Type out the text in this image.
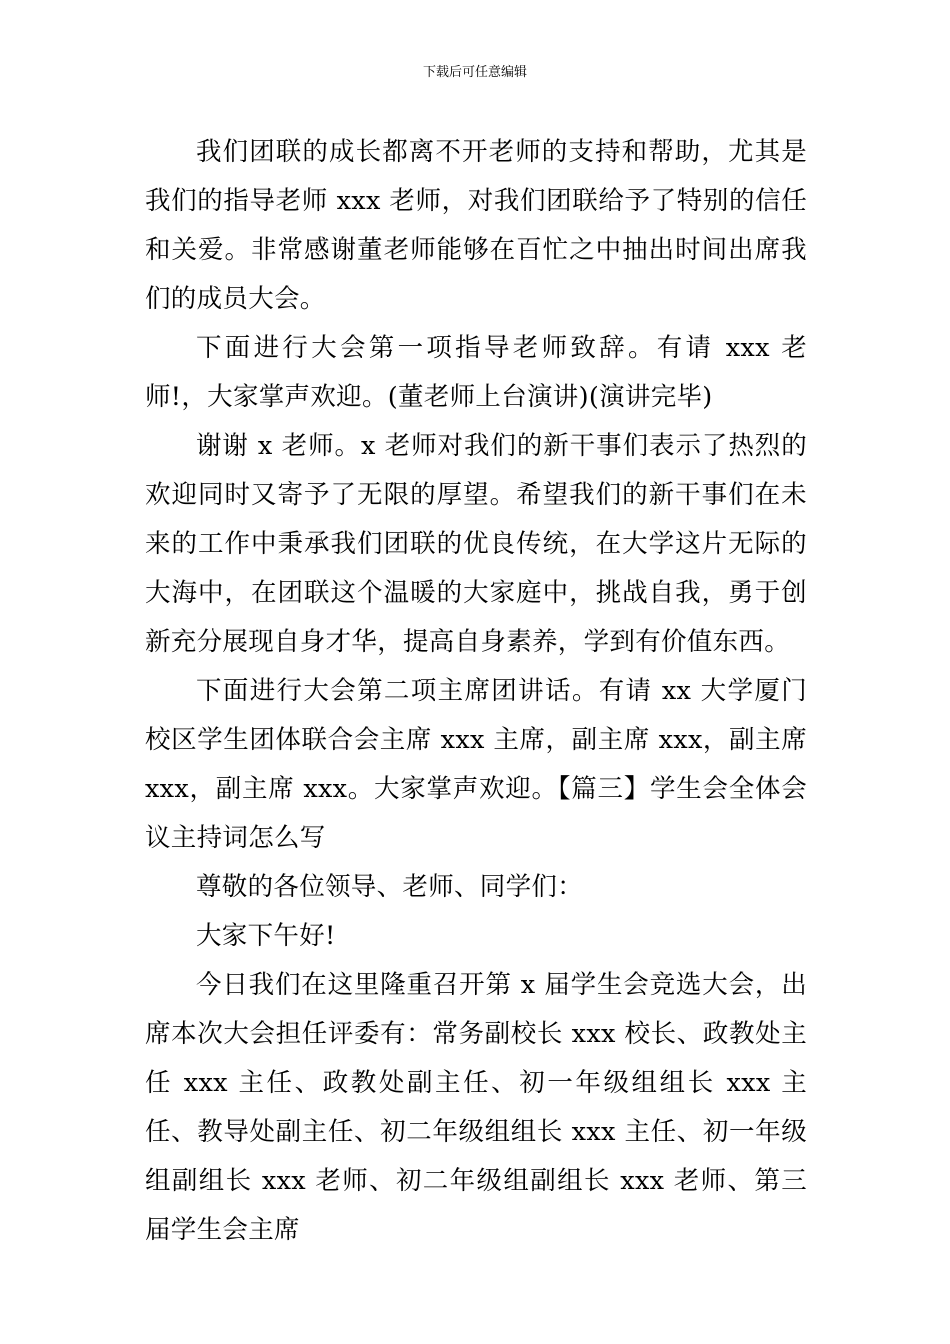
下载后可任意编辑

我们团联的成长都离不开老师的支持和帮助，尤其是我们的指导老师 xxx 老师，对我们团联给予了特别的信任和关爱。非常感谢董老师能够在百忙之中抽出时间出席我们的成员大会。

下面进行大会第一项指导老师致辞。有请 xxx 老师!，大家掌声欢迎。(董老师上台演讲)(演讲完毕)

谢谢 x 老师。x 老师对我们的新干事们表示了热烈的欢迎同时又寄予了无限的厚望。希望我们的新干事们在未来的工作中秉承我们团联的优良传统，在大学这片无际的大海中，在团联这个温暖的大家庭中，挑战自我，勇于创新充分展现自身才华，提高自身素养，学到有价值东西。

下面进行大会第二项主席团讲话。有请 xx 大学厦门校区学生团体联合会主席 xxx 主席，副主席 xxx，副主席 xxx，副主席 xxx。大家掌声欢迎。【篇三】学生会全体会议主持词怎么写

尊敬的各位领导、老师、同学们：

大家下午好!

今日我们在这里隆重召开第 x 届学生会竞选大会，出席本次大会担任评委有：常务副校长 xxx 校长、政教处主任 xxx 主任、政教处副主任、初一年级组组长 xxx 主任、教导处副主任、初二年级组组长 xxx 主任、初一年级组副组长 xxx 老师、初二年级组副组长 xxx 老师、第三届学生会主席
